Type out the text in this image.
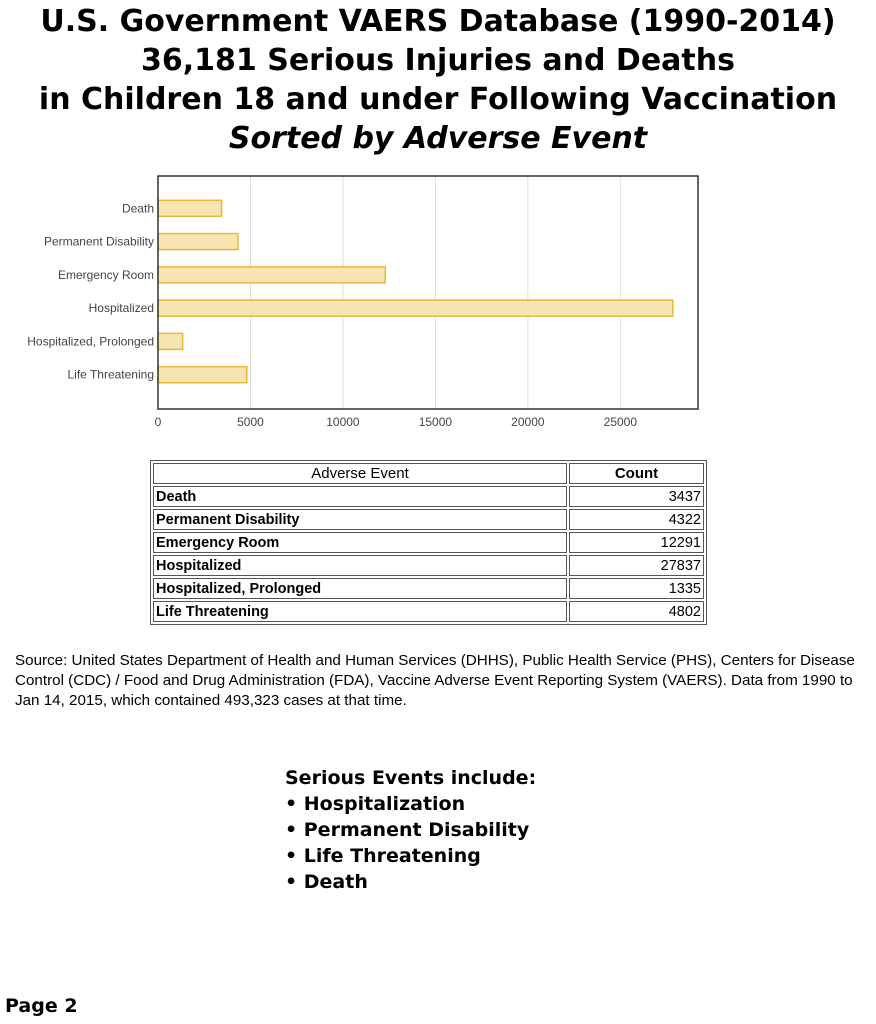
U.S. Government VAERS Database (1990-2014)
36,181 Serious Injuries and Deaths
in Children 18 and under Following Vaccination
Sorted by Adverse Event
0	5000	10000	15000	20000	25000
Death
Permanent Disability
Emergency Room
Hospitalized
Hospitalized, Prolonged
Life Threatening
Adverse Event	Count
Death	3437
Permanent Disability	4322
Emergency Room	12291
Hospitalized	27837
Hospitalized, Prolonged	1335
Life Threatening	4802
Source: United States Department of Health and Human Services (DHHS), Public Health Service (PHS), Centers for Disease Control (CDC) / Food and Drug Administration (FDA), Vaccine Adverse Event Reporting System (VAERS). Data from 1990 to Jan 14, 2015, which contained 493,323 cases at that time.
Serious Events include:
• Hospitalization
• Permanent Disability
• Life Threatening
• Death
Page 2
